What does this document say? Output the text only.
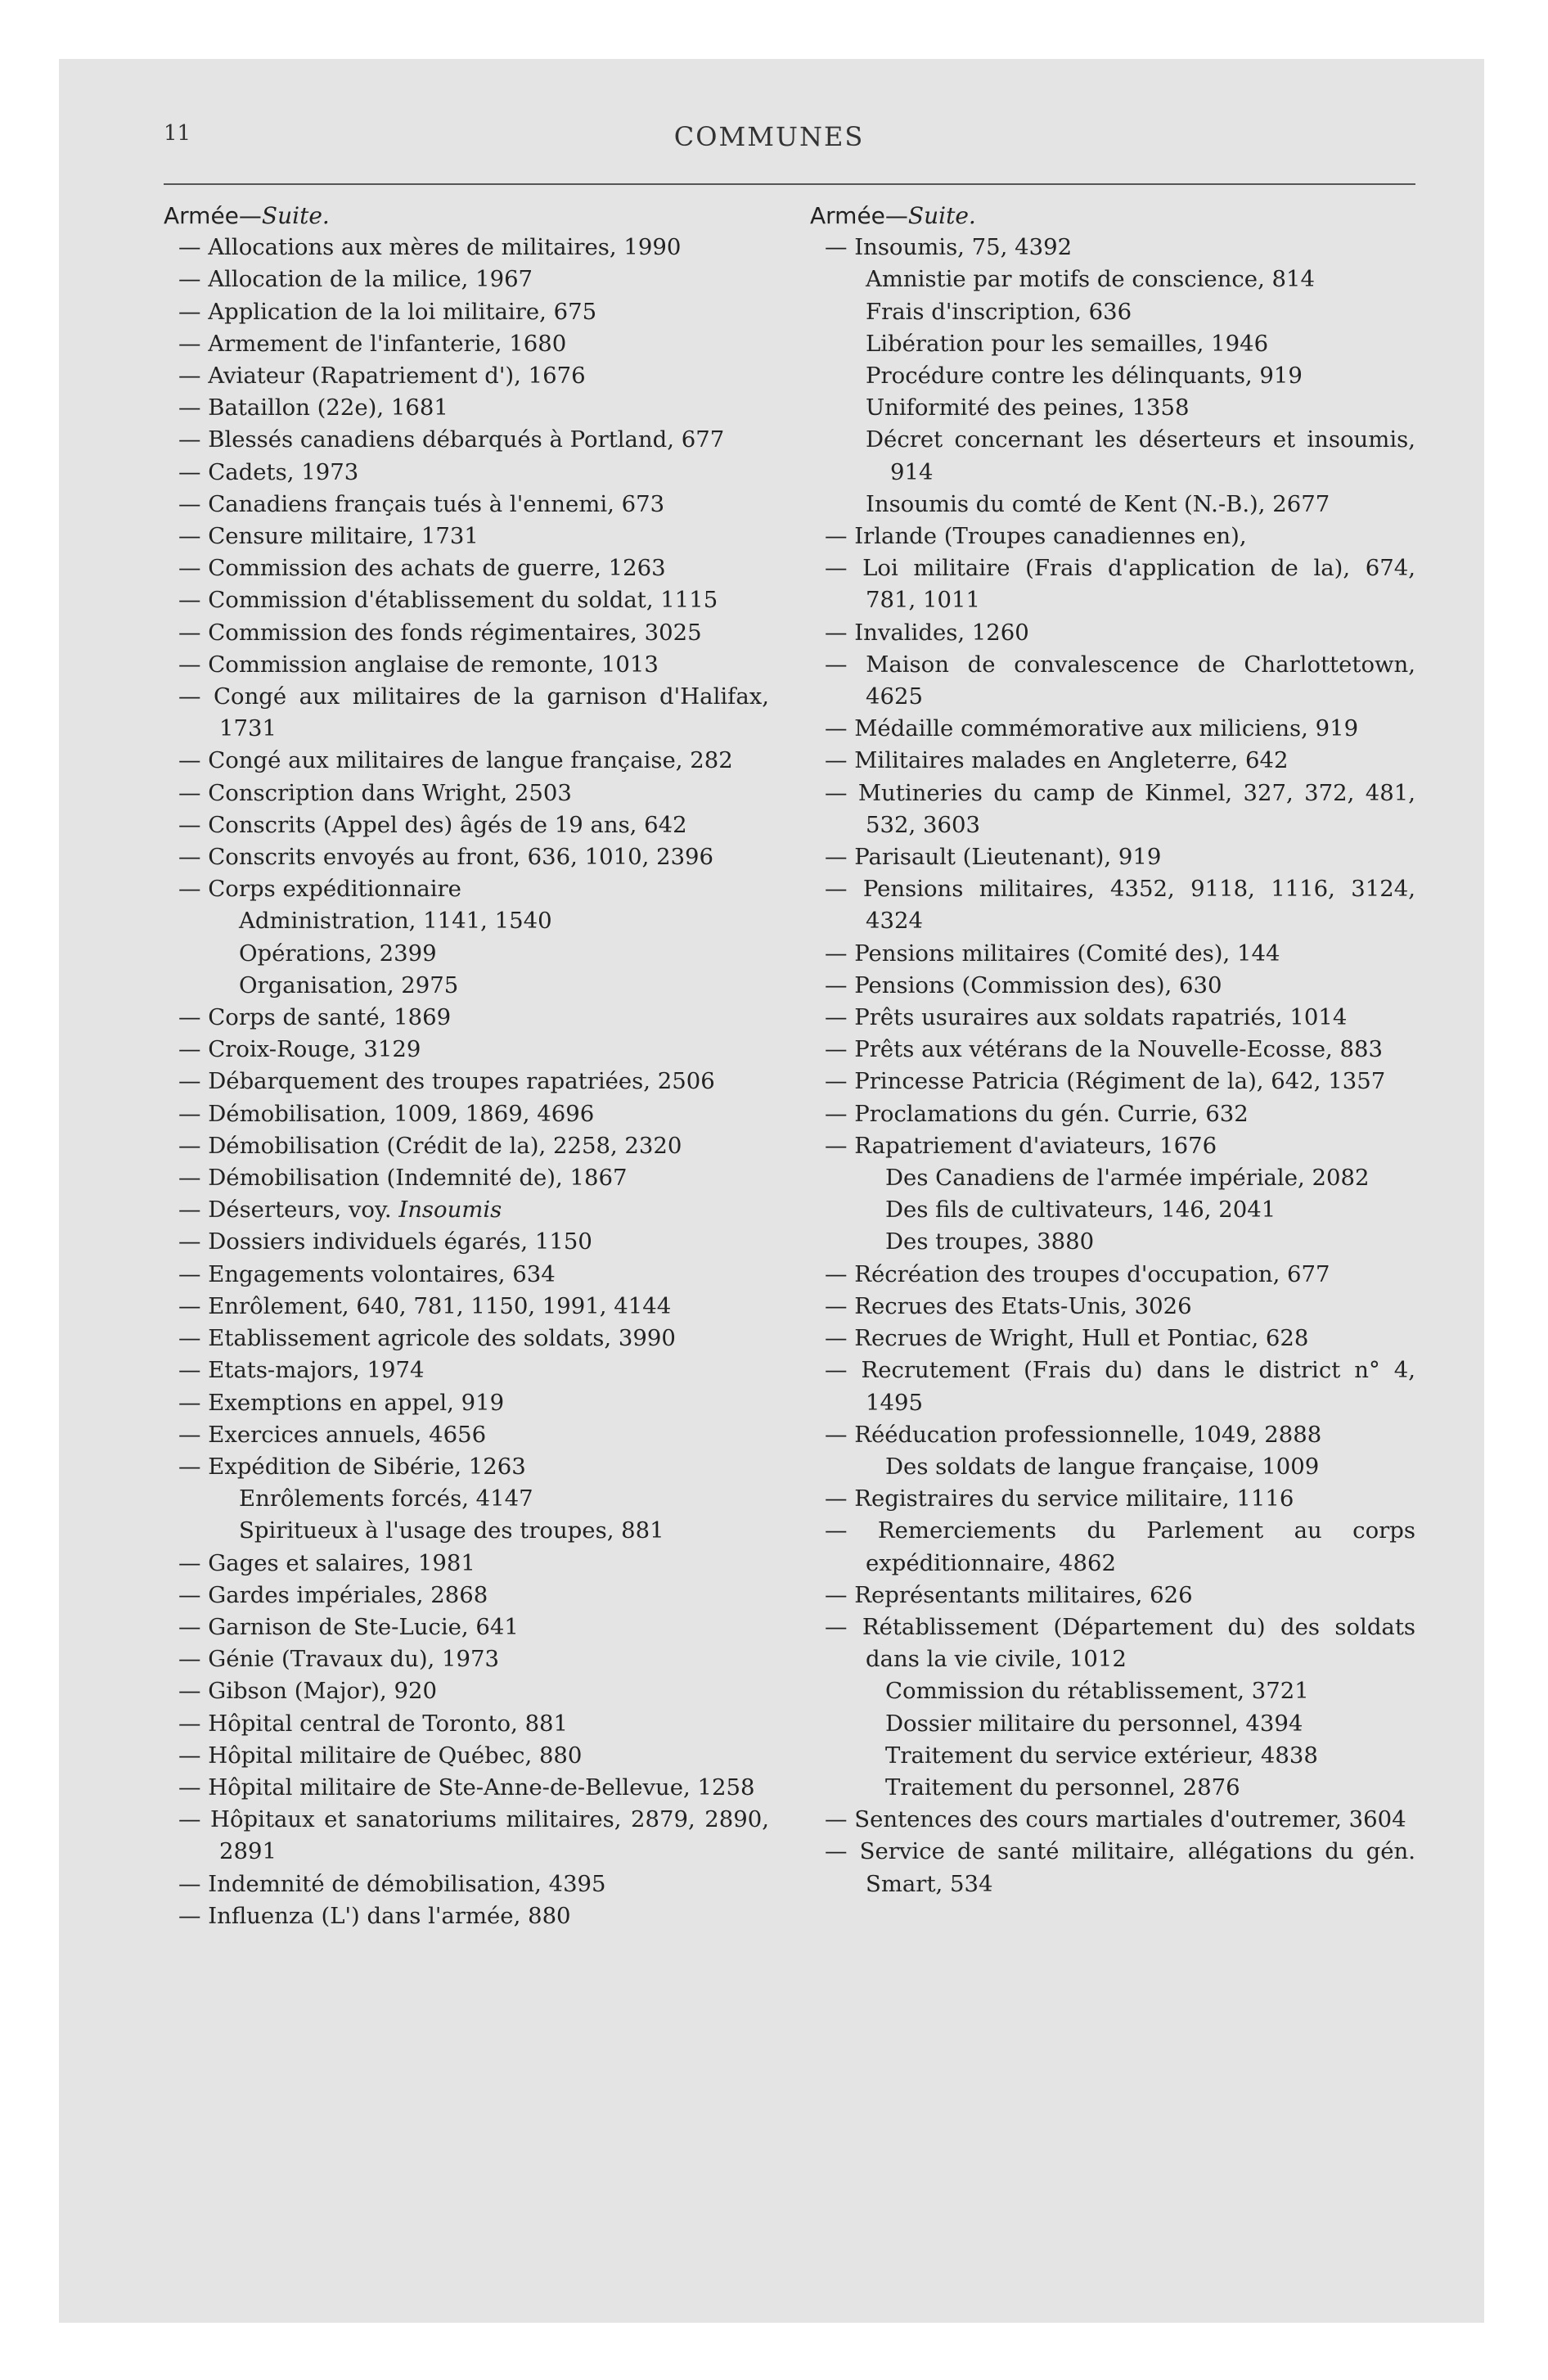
11	COMMUNES
Armée—Suite.
— Allocations aux mères de militaires, 1990
— Allocation de la milice, 1967
— Application de la loi militaire, 675
— Armement de l'infanterie, 1680
— Aviateur (Rapatriement d'), 1676
— Bataillon (22e), 1681
— Blessés canadiens débarqués à Portland, 677
— Cadets, 1973
— Canadiens français tués à l'ennemi, 673
— Censure militaire, 1731
— Commission des achats de guerre, 1263
— Commission d'établissement du soldat, 1115
— Commission des fonds régimentaires, 3025
— Commission anglaise de remonte, 1013
— Congé aux militaires de la garnison d'Halifax, 1731
— Congé aux militaires de langue française, 282
— Conscription dans Wright, 2503
— Conscrits (Appel des) âgés de 19 ans, 642
— Conscrits envoyés au front, 636, 1010, 2396
— Corps expéditionnaire
Administration, 1141, 1540
Opérations, 2399
Organisation, 2975
— Corps de santé, 1869
— Croix-Rouge, 3129
— Débarquement des troupes rapatriées, 2506
— Démobilisation, 1009, 1869, 4696
— Démobilisation (Crédit de la), 2258, 2320
— Démobilisation (Indemnité de), 1867
— Déserteurs, voy. Insoumis
— Dossiers individuels égarés, 1150
— Engagements volontaires, 634
— Enrôlement, 640, 781, 1150, 1991, 4144
— Etablissement agricole des soldats, 3990
— Etats-majors, 1974
— Exemptions en appel, 919
— Exercices annuels, 4656
— Expédition de Sibérie, 1263
Enrôlements forcés, 4147
Spiritueux à l'usage des troupes, 881
— Gages et salaires, 1981
— Gardes impériales, 2868
— Garnison de Ste-Lucie, 641
— Génie (Travaux du), 1973
— Gibson (Major), 920
— Hôpital central de Toronto, 881
— Hôpital militaire de Québec, 880
— Hôpital militaire de Ste-Anne-de-Bellevue, 1258
— Hôpitaux et sanatoriums militaires, 2879, 2890, 2891
— Indemnité de démobilisation, 4395
— Influenza (L') dans l'armée, 880
Armée—Suite.
— Insoumis, 75, 4392
Amnistie par motifs de conscience, 814
Frais d'inscription, 636
Libération pour les semailles, 1946
Procédure contre les délinquants, 919
Uniformité des peines, 1358
Décret concernant les déserteurs et insoumis, 914
Insoumis du comté de Kent (N.-B.), 2677
— Irlande (Troupes canadiennes en),
— Loi militaire (Frais d'application de la), 674, 781, 1011
— Invalides, 1260
— Maison de convalescence de Charlottetown, 4625
— Médaille commémorative aux miliciens, 919
— Militaires malades en Angleterre, 642
— Mutineries du camp de Kinmel, 327, 372, 481, 532, 3603
— Parisault (Lieutenant), 919
— Pensions militaires, 4352, 9118, 1116, 3124, 4324
— Pensions militaires (Comité des), 144
— Pensions (Commission des), 630
— Prêts usuraires aux soldats rapatriés, 1014
— Prêts aux vétérans de la Nouvelle-Ecosse, 883
— Princesse Patricia (Régiment de la), 642, 1357
— Proclamations du gén. Currie, 632
— Rapatriement d'aviateurs, 1676
Des Canadiens de l'armée impériale, 2082
Des fils de cultivateurs, 146, 2041
Des troupes, 3880
— Récréation des troupes d'occupation, 677
— Recrues des Etats-Unis, 3026
— Recrues de Wright, Hull et Pontiac, 628
— Recrutement (Frais du) dans le district n° 4, 1495
— Rééducation professionnelle, 1049, 2888
Des soldats de langue française, 1009
— Registraires du service militaire, 1116
— Remerciements du Parlement au corps expéditionnaire, 4862
— Représentants militaires, 626
— Rétablissement (Département du) des soldats dans la vie civile, 1012
Commission du rétablissement, 3721
Dossier militaire du personnel, 4394
Traitement du service extérieur, 4838
Traitement du personnel, 2876
— Sentences des cours martiales d'outremer, 3604
— Service de santé militaire, allégations du gén. Smart, 534
